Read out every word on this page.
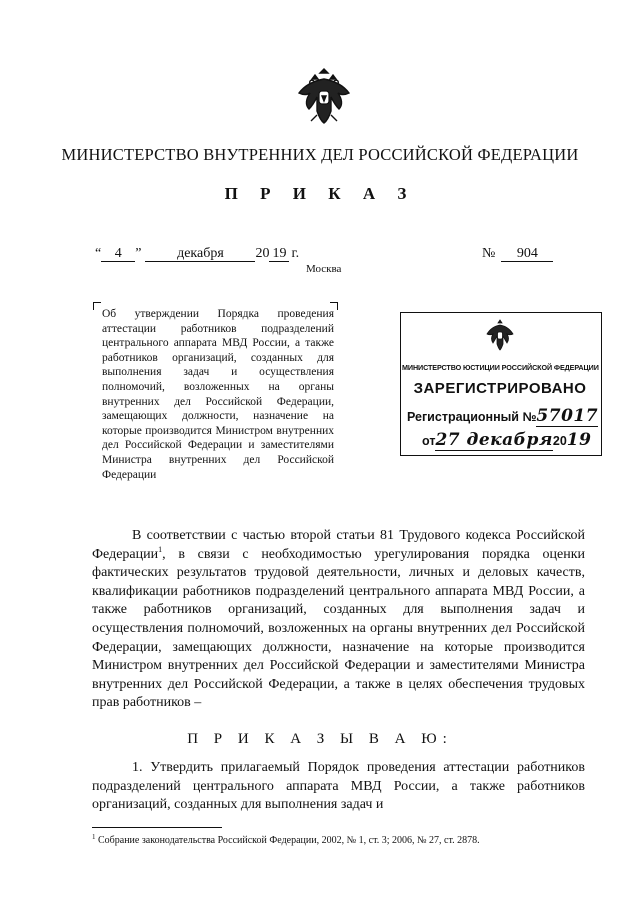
МИНИСТЕРСТВО ВНУТРЕННИХ ДЕЛ РОССИЙСКОЙ ФЕДЕРАЦИИ
П Р И К А З
“ 4 ”	декабря 20 19 г.	№ 904
Москва
Об утверждении Порядка проведения аттестации работников подразделений центрального аппарата МВД России, а также работников организаций, созданных для выполнения задач и осуществления полномочий, возложенных на органы внутренних дел Российской Федерации, замещающих должности, назначение на которые производится Министром внутренних дел Российской Федерации и заместителями Министра внутренних дел Российской Федерации
МИНИСТЕРСТВО ЮСТИЦИИ РОССИЙСКОЙ ФЕДЕРАЦИИ
ЗАРЕГИСТРИРОВАНО
Регистрационный №57017
от27 декабря2019
В соответствии с частью второй статьи 81 Трудового кодекса Российской Федерации$^1$, в связи с необходимостью урегулирования порядка оценки фактических результатов трудовой деятельности, личных и деловых качеств, квалификации работников подразделений центрального аппарата МВД России, а также работников организаций, созданных для выполнения задач и осуществления полномочий, возложенных на органы внутренних дел Российской Федерации, замещающих должности, назначение на которые производится Министром внутренних дел Российской Федерации и заместителями Министра внутренних дел Российской Федерации, а также в целях обеспечения трудовых прав работников –
П Р И К А З Ы В А Ю:
1. Утвердить прилагаемый Порядок проведения аттестации работников подразделений центрального аппарата МВД России, а также работников организаций, созданных для выполнения задач и
$^1$ Собрание законодательства Российской Федерации, 2002, № 1, ст. 3; 2006, № 27, ст. 2878.
